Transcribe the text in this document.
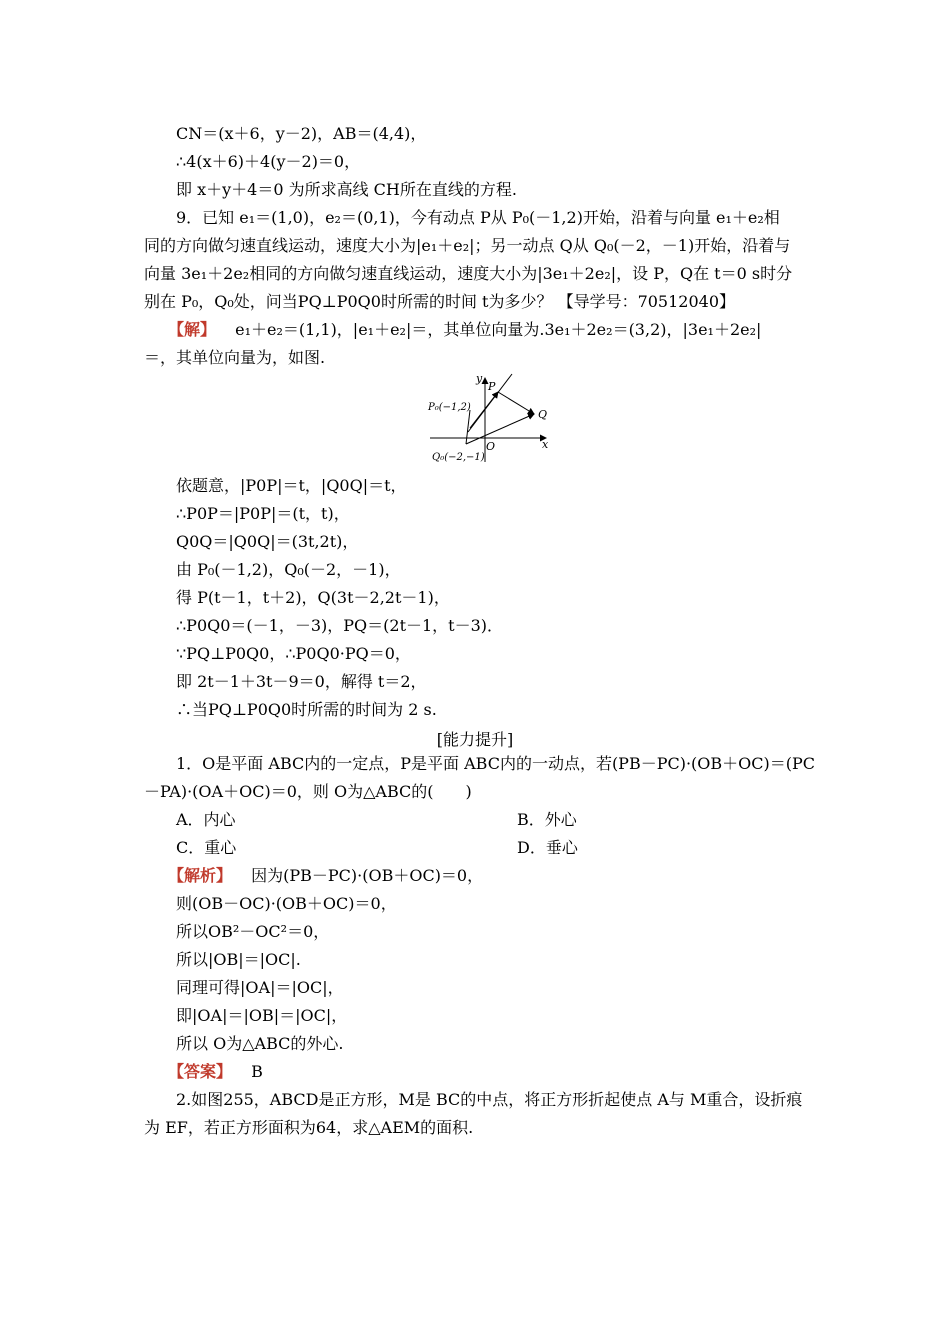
CN＝(x＋6，y－2)，AB＝(4,4)，
∴4(x＋6)＋4(y－2)＝0，
即 x＋y＋4＝0 为所求高线 CH所在直线的方程.
9．已知 e₁＝(1,0)，e₂＝(0,1)，今有动点 P从 P₀(－1,2)开始，沿着与向量 e₁＋e₂相
同的方向做匀速直线运动，速度大小为|e₁＋e₂|；另一动点 Q从 Q₀(－2，－1)开始，沿着与
向量 3e₁＋2e₂相同的方向做匀速直线运动，速度大小为|3e₁＋2e₂|，设 P，Q在 t＝0 s时分
别在 P₀，Q₀处，问当PQ⊥P0Q0时所需的时间 t为多少？ 【导学号：70512040】
【解】 e₁＋e₂＝(1,1)，|e₁＋e₂|＝，其单位向量为.3e₁＋2e₂＝(3,2)，|3e₁＋2e₂|
＝，其单位向量为，如图.
y
x
O
P
Q
P₀(−1,2)
Q₀(−2,−1)
依题意，|P0P|＝t，|Q0Q|＝t，
∴P0P＝|P0P|＝(t，t)，
Q0Q＝|Q0Q|＝(3t,2t)，
由 P₀(－1,2)，Q₀(－2，－1)，
得 P(t－1，t＋2)，Q(3t－2,2t－1)，
∴P0Q0＝(－1，－3)，PQ＝(2t－1，t－3)．
∵PQ⊥P0Q0，∴P0Q0·PQ＝0，
即 2t－1＋3t－9＝0，解得 t＝2，
∴当PQ⊥P0Q0时所需的时间为 2 s.
[能力提升]
1．O是平面 ABC内的一定点，P是平面 ABC内的一动点，若(PB－PC)·(OB＋OC)＝(PC
－PA)·(OA＋OC)＝0，则 O为△ABC的(　　)
A．内心	B．外心
C．重心	D．垂心
【解析】 因为(PB－PC)·(OB＋OC)＝0，
则(OB－OC)·(OB＋OC)＝0，
所以OB²－OC²＝0，
所以|OB|＝|OC|.
同理可得|OA|＝|OC|，
即|OA|＝|OB|＝|OC|，
所以 O为△ABC的外心.
【答案】 B
2.如图255，ABCD是正方形，M是 BC的中点，将正方形折起使点 A与 M重合，设折痕
为 EF，若正方形面积为64，求△AEM的面积.
